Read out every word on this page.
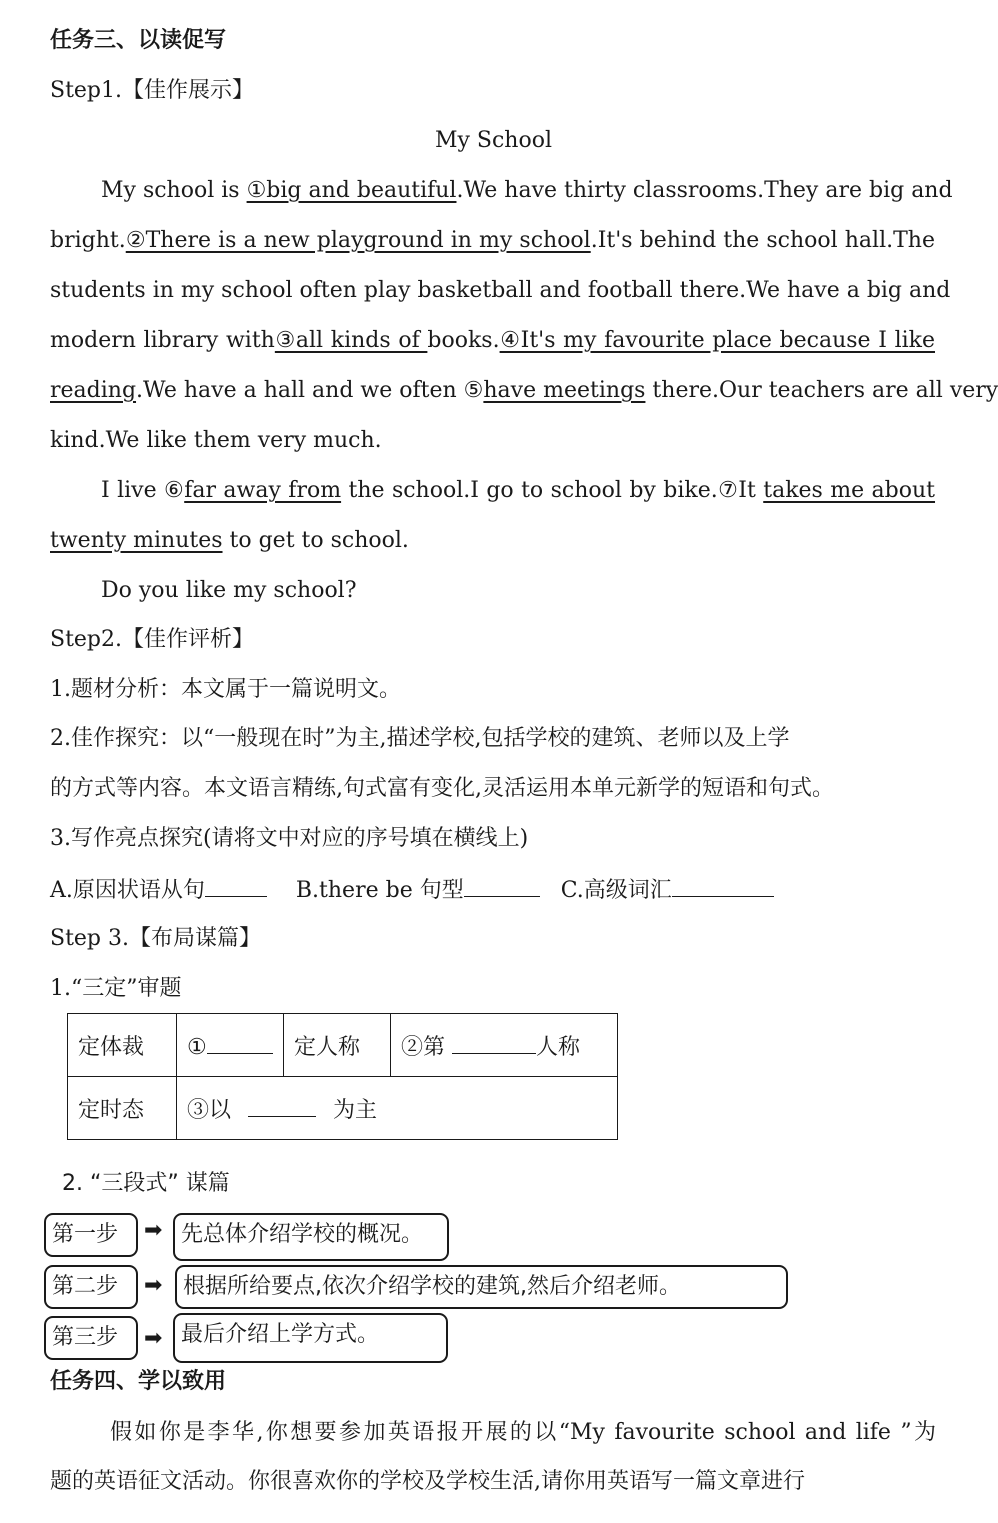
任务三、以读促写
Step1.【佳作展示】
My School
My school is ①big and beautiful.We have thirty classrooms.They are big and
bright.②There is a new playground in my school.It's behind the school hall.The
students in my school often play basketball and football there.We have a big and
modern library with③all kinds of books.④It's my favourite place because I like
reading.We have a hall and we often ⑤have meetings there.Our teachers are all very
kind.We like them very much.
I live ⑥far away from the school.I go to school by bike.⑦It takes me about
twenty minutes to get to school.
Do you like my school?
Step2.【佳作评析】
1.题材分析：本文属于一篇说明文。
2.佳作探究：以“一般现在时”为主,描述学校,包括学校的建筑、老师以及上学
的方式等内容。本文语言精练,句式富有变化,灵活运用本单元新学的短语和句式。
3.写作亮点探究(请将文中对应的序号填在横线上)
A.原因状语从句	B.there be 句型	C.高级词汇
Step 3.【布局谋篇】
1.“三定”审题
定体裁	①	定人称	②第 人称
定时态	③以 为主		
2. “三段式” 谋篇
第一步	➡ 先总体介绍学校的概况。
第二步	➡ 根据所给要点,依次介绍学校的建筑,然后介绍老师。
第三步	➡ 最后介绍上学方式。
任务四、学以致用
假如你是李华,你想要参加英语报开展的以“My favourite school and life ”为
题的英语征文活动。你很喜欢你的学校及学校生活,请你用英语写一篇文章进行
